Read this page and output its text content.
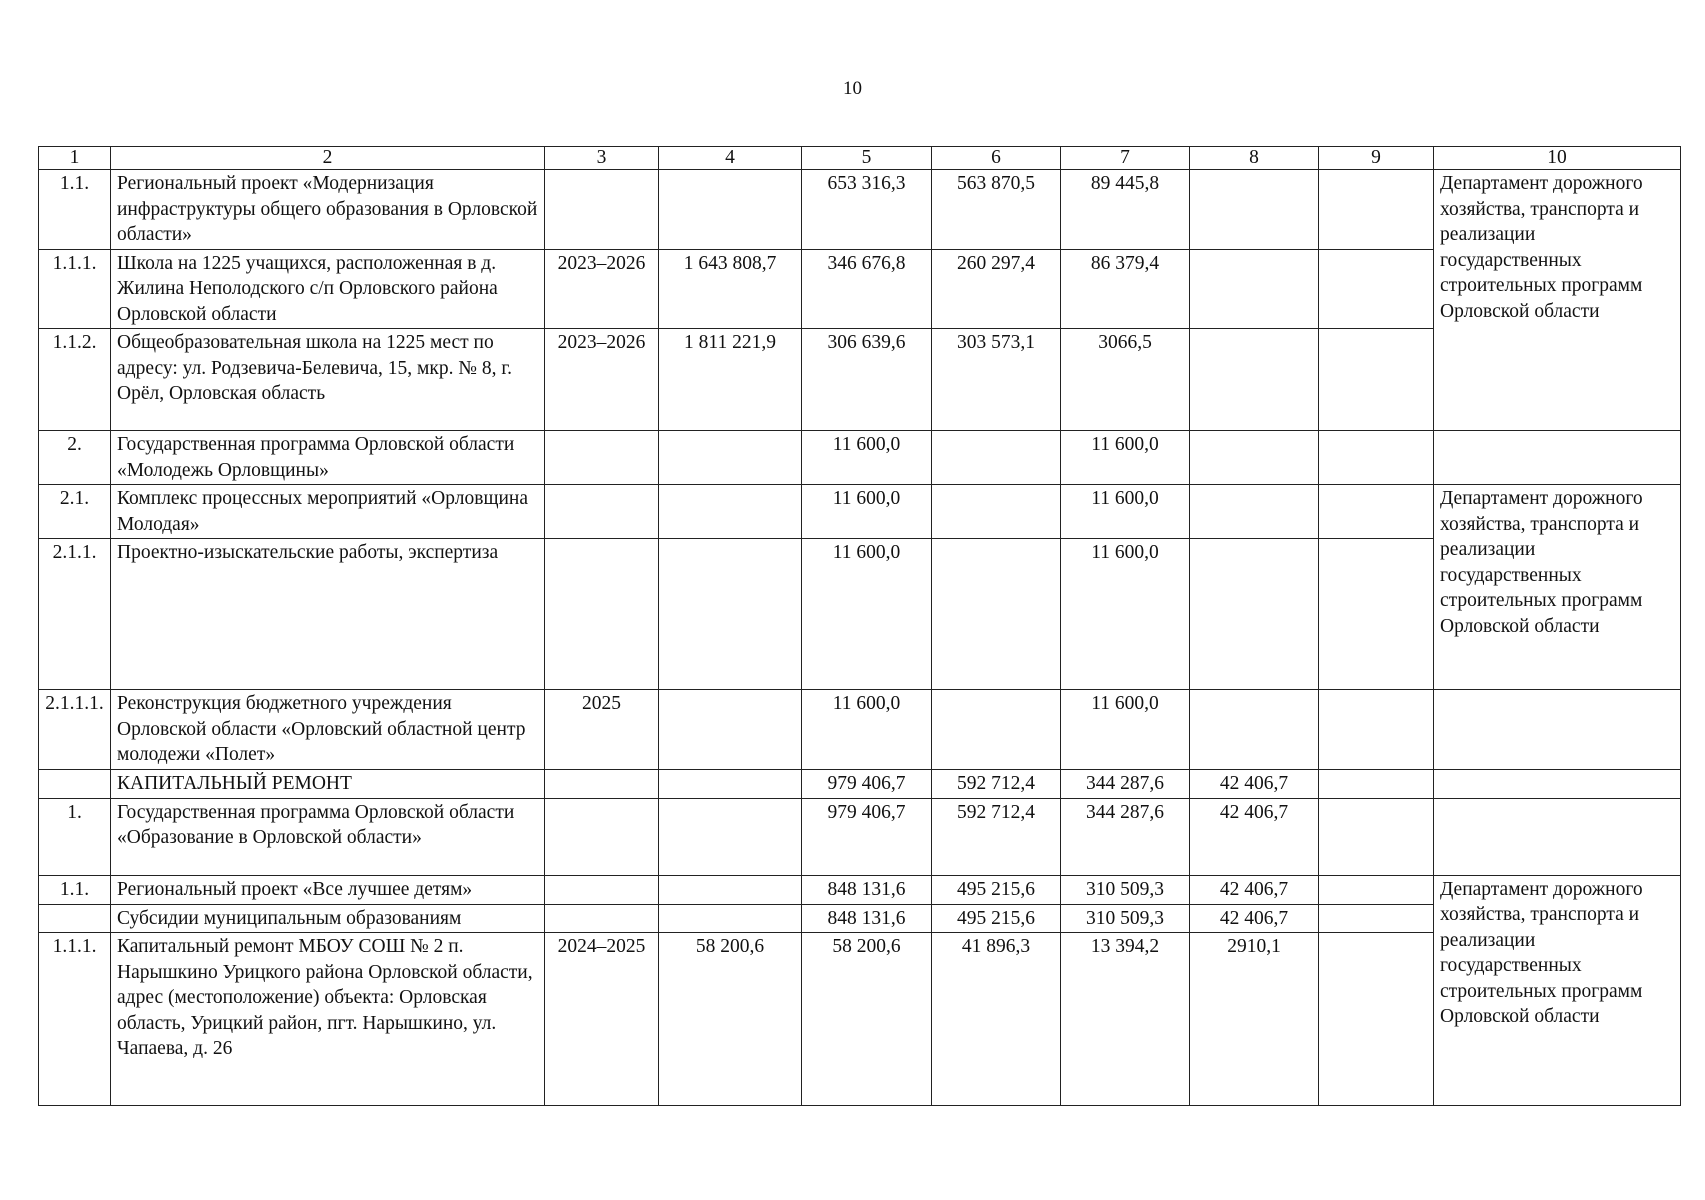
10
1	2	3	4	5	6	7	8	9	10
1.1.	Региональный проект «Модернизация инфраструктуры общего образования в Орловской области»			653 316,3	563 870,5	89 445,8			Департамент дорожного хозяйства, транспорта и реализации государственных строительных программ Орловской области
1.1.1.	Школа на 1225 учащихся, расположенная в д. Жилина Неполодского с/п Орловского района Орловской области	2023–2026	1 643 808,7	346 676,8	260 297,4	86 379,4			
1.1.2.	Общеобразовательная школа на 1225 мест по адресу: ул. Родзевича-Белевича, 15, мкр. № 8, г. Орёл, Орловская область	2023–2026	1 811 221,9	306 639,6	303 573,1	3066,5			
2.	Государственная программа Орловской области «Молодежь Орловщины»			11 600,0		11 600,0			
2.1.	Комплекс процессных мероприятий «Орловщина Молодая»			11 600,0		11 600,0			Департамент дорожного хозяйства, транспорта и реализации государственных строительных программ Орловской области
2.1.1.	Проектно-изыскательские работы, экспертиза			11 600,0		11 600,0			
2.1.1.1.	Реконструкция бюджетного учреждения Орловской области «Орловский областной центр молодежи «Полет»	2025		11 600,0		11 600,0			
	КАПИТАЛЬНЫЙ РЕМОНТ			979 406,7	592 712,4	344 287,6	42 406,7		
1.	Государственная программа Орловской области «Образование в Орловской области»			979 406,7	592 712,4	344 287,6	42 406,7		
1.1.	Региональный проект «Все лучшее детям»			848 131,6	495 215,6	310 509,3	42 406,7		Департамент дорожного хозяйства, транспорта и реализации государственных строительных программ Орловской области
	Субсидии муниципальным образованиям			848 131,6	495 215,6	310 509,3	42 406,7		
1.1.1.	Капитальный ремонт МБОУ СОШ № 2 п. Нарышкино Урицкого района Орловской области, адрес (местоположение) объекта: Орловская область, Урицкий район, пгт. Нарышкино, ул. Чапаева, д. 26	2024–2025	58 200,6	58 200,6	41 896,3	13 394,2	2910,1		
